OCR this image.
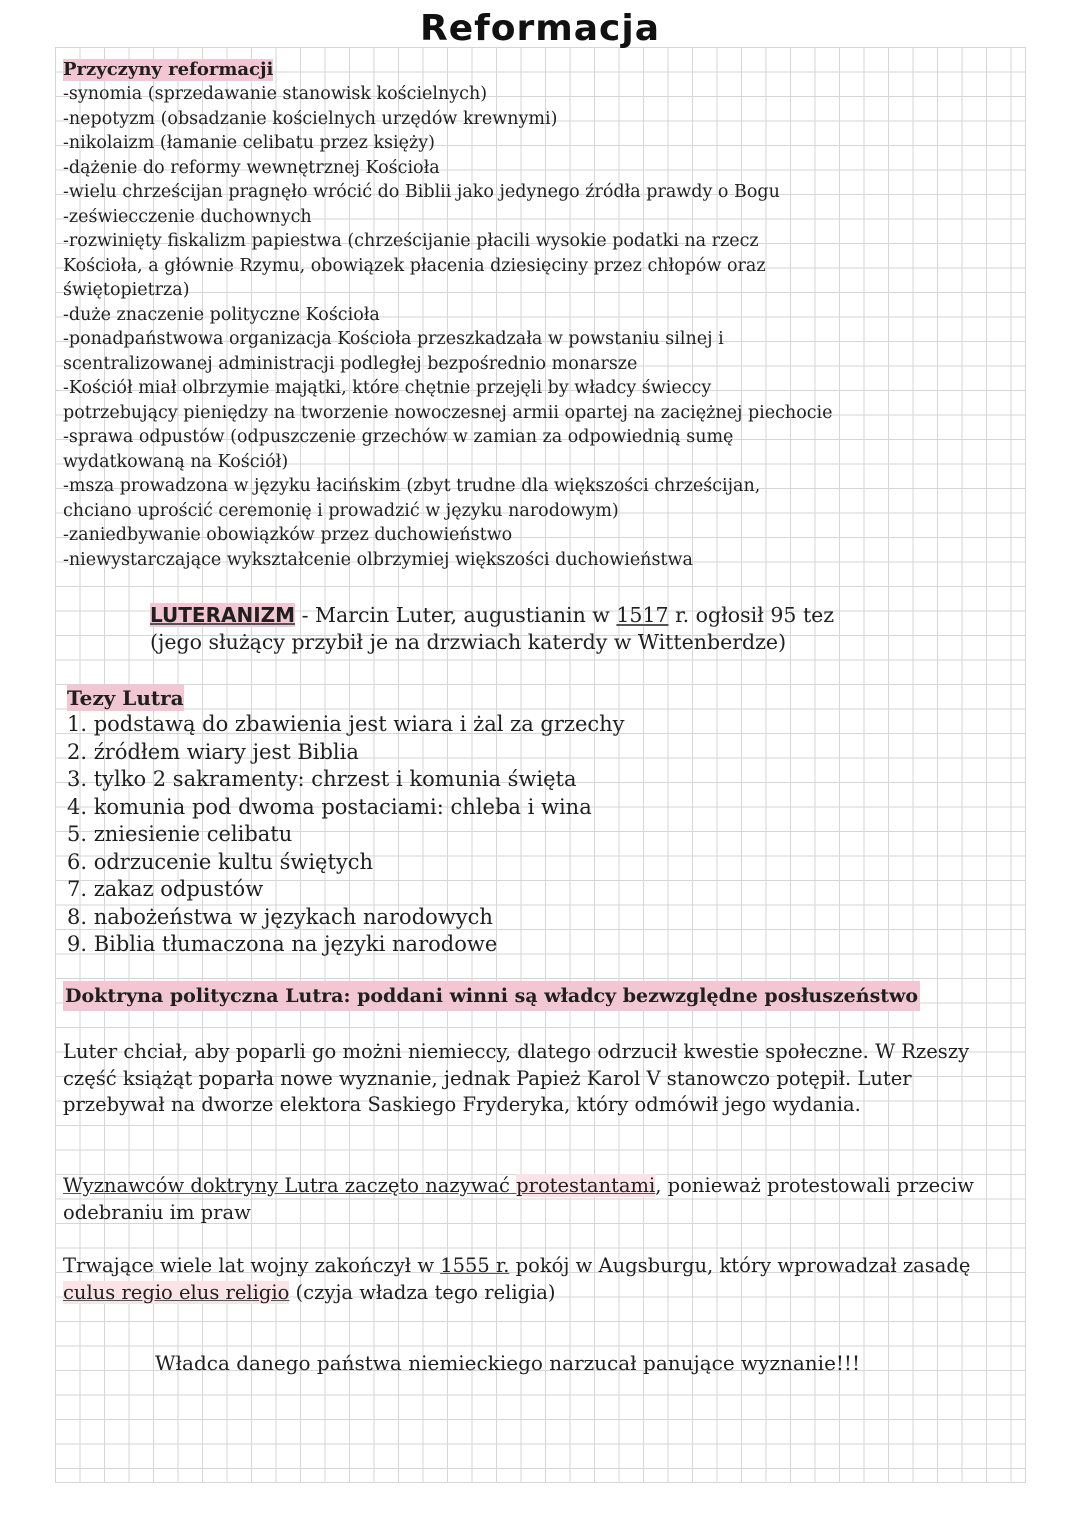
Reformacja
Przyczyny reformacji
-synomia (sprzedawanie stanowisk kościelnych)
-nepotyzm (obsadzanie kościelnych urzędów krewnymi)
-nikolaizm (łamanie celibatu przez księży)
-dążenie do reformy wewnętrznej Kościoła
-wielu chrześcijan pragnęło wrócić do Biblii jako jedynego źródła prawdy o Bogu
-zeświecczenie duchownych
-rozwinięty fiskalizm papiestwa (chrześcijanie płacili wysokie podatki na rzecz
Kościoła, a głównie Rzymu, obowiązek płacenia dziesięciny przez chłopów oraz
świętopietrza)
-duże znaczenie polityczne Kościoła
-ponadpaństwowa organizacja Kościoła przeszkadzała w powstaniu silnej i
scentralizowanej administracji podległej bezpośrednio monarsze
-Kościół miał olbrzymie majątki, które chętnie przejęli by władcy świeccy
potrzebujący pieniędzy na tworzenie nowoczesnej armii opartej na zaciężnej piechocie
-sprawa odpustów (odpuszczenie grzechów w zamian za odpowiednią sumę
wydatkowaną na Kościół)
-msza prowadzona w języku łacińskim (zbyt trudne dla większości chrześcijan,
chciano uprościć ceremonię i prowadzić w języku narodowym)
-zaniedbywanie obowiązków przez duchowieństwo
-niewystarczające wykształcenie olbrzymiej większości duchowieństwa
LUTERANIZM - Marcin Luter, augustianin w 1517 r. ogłosił 95 tez
(jego służący przybił je na drzwiach katerdy w Wittenberdze)
Tezy Lutra
1. podstawą do zbawienia jest wiara i żal za grzechy
2. źródłem wiary jest Biblia
3. tylko 2 sakramenty: chrzest i komunia święta
4. komunia pod dwoma postaciami: chleba i wina
5. zniesienie celibatu
6. odrzucenie kultu świętych
7. zakaz odpustów
8. nabożeństwa w językach narodowych
9. Biblia tłumaczona na języki narodowe
Doktryna polityczna Lutra: poddani winni są władcy bezwzględne posłuszeństwo

Luter chciał, aby poparli go możni niemieccy, dlatego odrzucił kwestie społeczne. W Rzeszy część książąt poparła nowe wyznanie, jednak Papież Karol V stanowczo potępił. Luter przebywał na dworze elektora Saskiego Fryderyka, który odmówił jego wydania.

Wyznawców doktryny Lutra zaczęto nazywać protestantami, ponieważ protestowali przeciw odebraniu im praw

Trwające wiele lat wojny zakończył w 1555 r. pokój w Augsburgu, który wprowadzał zasadę culus regio elus religio (czyja władza tego religia)

Władca danego państwa niemieckiego narzucał panujące wyznanie!!!
